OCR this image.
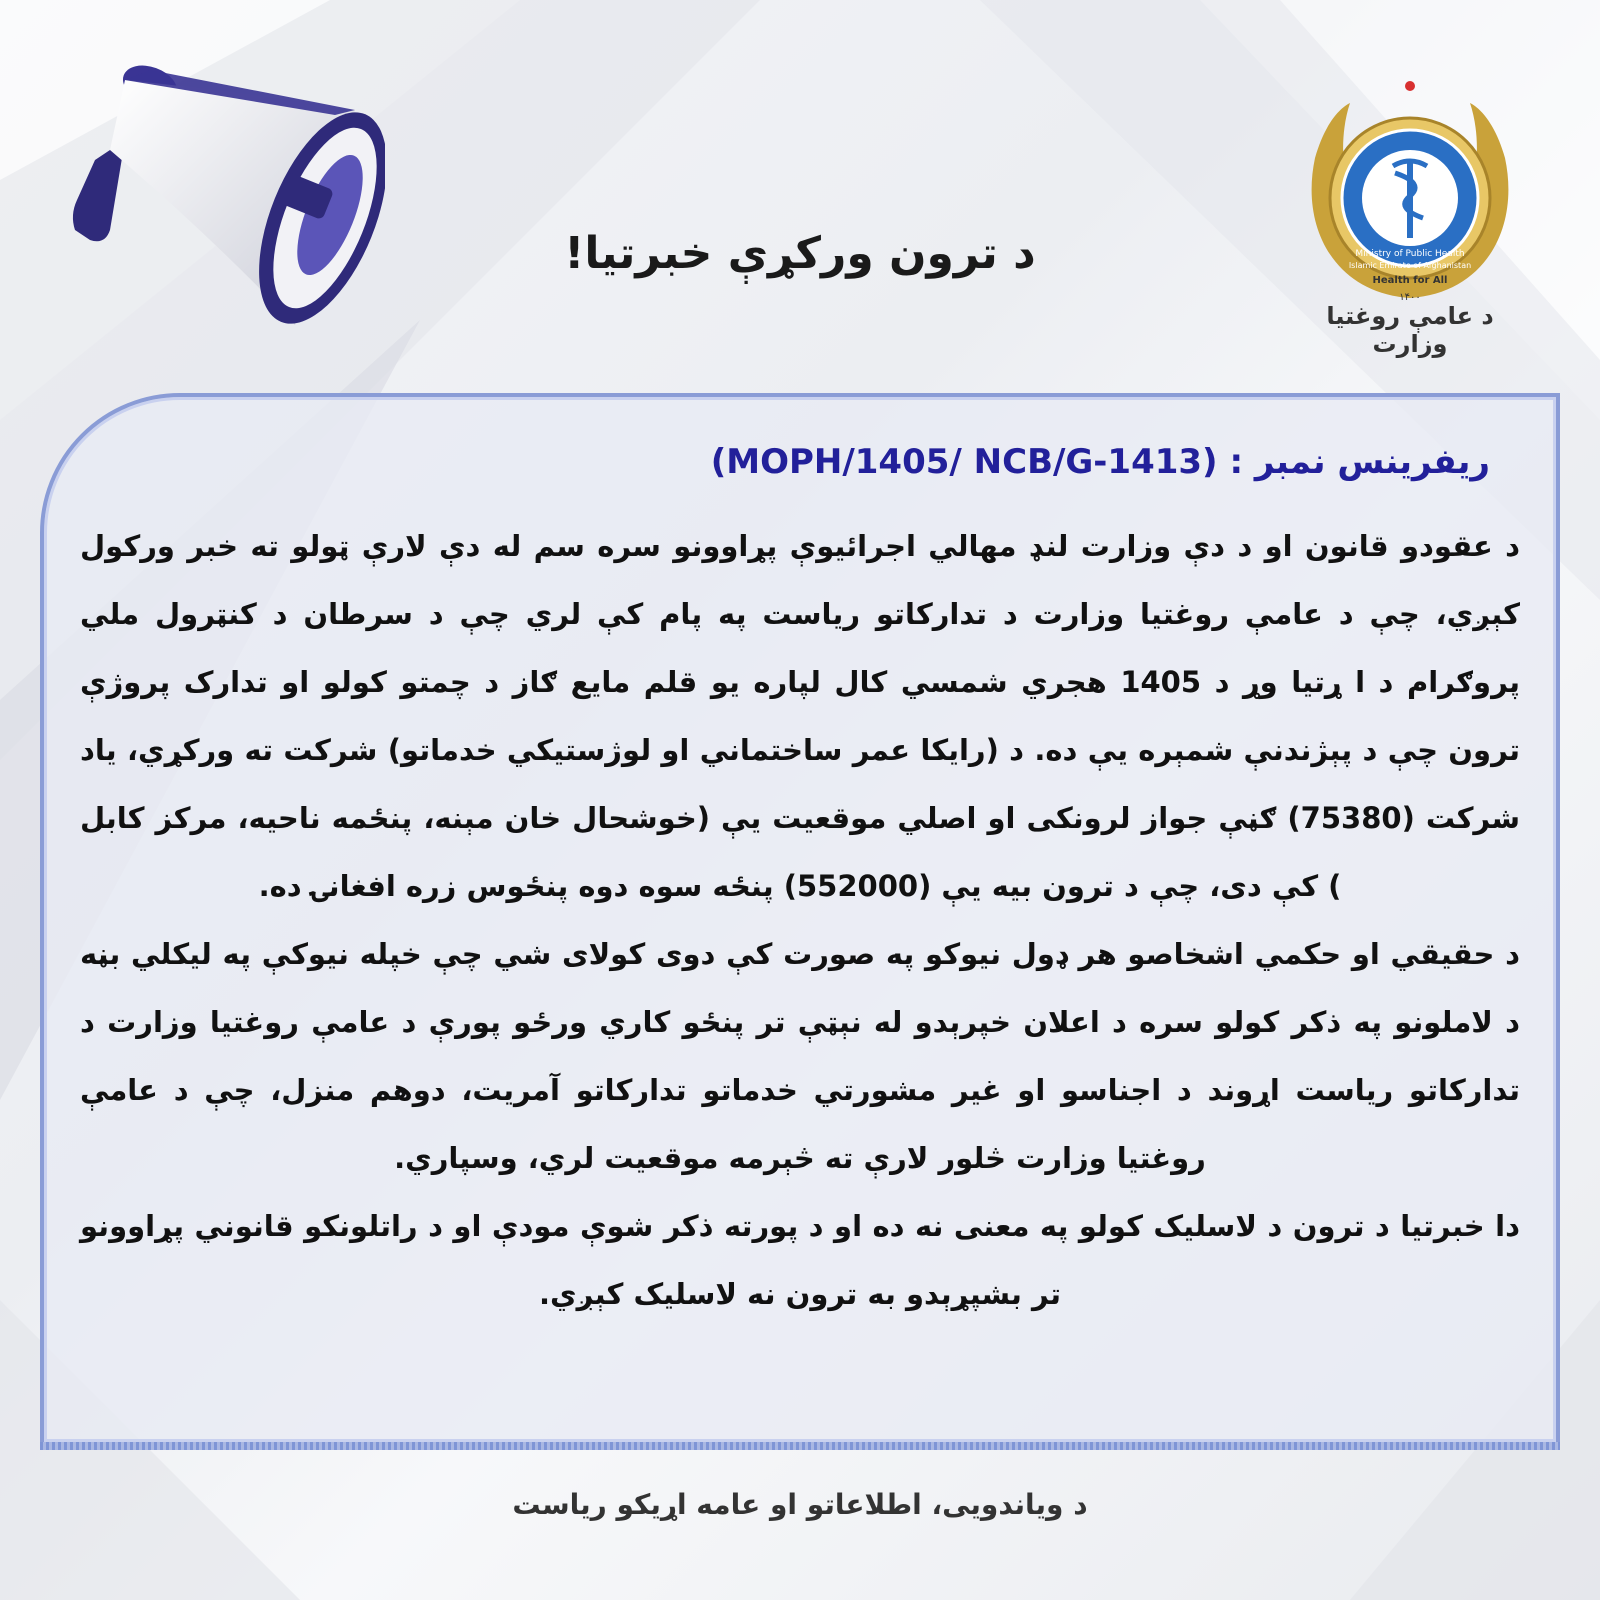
د ترون ورکړې خبرتیا!	Ministry of Public Health
Islamic Emirate of Afghanistan
Health for All
۱۴۰۰
د عامې روغتیا وزارت
ریفرینس نمبر : (MOPH/1405/ NCB/G-1413)

د عقودو قانون او د دې وزارت لنډ مهالي اجرائیوې پړاوونو سره سم له دې لارې ټولو ته خبر ورکول کېږي، چې د عامې روغتیا وزارت د تدارکاتو ریاست په پام کې لري چې د سرطان د کنټرول ملي پروګرام د ا ړتیا وړ د 1405 هجري شمسي کال لپاره یو قلم مایع ګاز د چمتو کولو او تدارک پروژې ترون چې د پېژندنې شمېره یې ده. د (رایکا عمر ساختماني او لوژستیکي خدماتو) شرکت ته ورکړي، یاد شرکت (75380) ګڼې جواز لرونکی او اصلي موقعیت یې (خوشحال خان مېنه، پنځمه ناحیه، مرکز کابل ) کې دی، چې د ترون بیه یې (552000) پنځه سوه دوه پنځوس زره افغانۍ ده.

د حقیقي او حکمي اشخاصو هر ډول نیوکو په صورت کې دوی کولای شي چې خپله نیوکې په لیکلي بڼه د لاملونو په ذکر کولو سره د اعلان خپرېدو له نېټې تر پنځو کاري ورځو پورې د عامې روغتیا وزارت د تدارکاتو ریاست اړوند د اجناسو او غیر مشورتي خدماتو تدارکاتو آمریت، دوهم منزل، چې د عامې روغتیا وزارت څلور لارې ته څېرمه موقعیت لري، وسپاري.

دا خبرتیا د ترون د لاسلیک کولو په معنی نه ده او د پورته ذکر شوې مودې او د راتلونکو قانوني پړاوونو تر بشپړېدو به ترون نه لاسلیک کېږي.

د ویاندویی، اطلاعاتو او عامه اړیکو ریاست
